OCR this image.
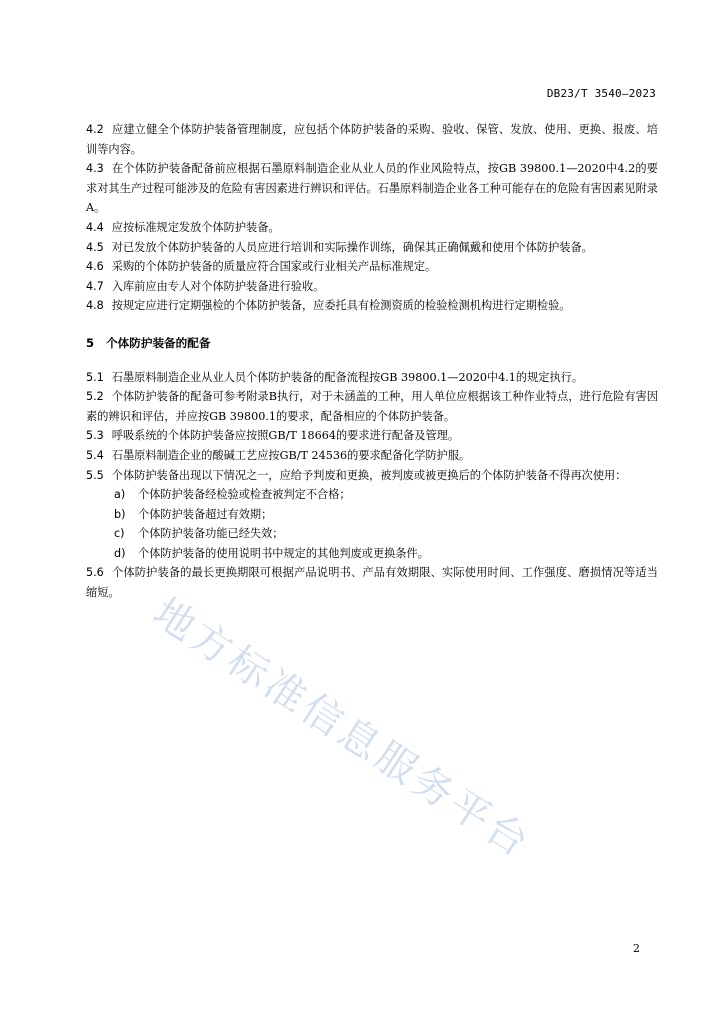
DB23/T 3540—2023

4.2 应建立健全个体防护装备管理制度，应包括个体防护装备的采购、验收、保管、发放、使用、更换、报废、培训等内容。

4.3 在个体防护装备配备前应根据石墨原料制造企业从业人员的作业风险特点，按GB 39800.1—2020中4.2的要求对其生产过程可能涉及的危险有害因素进行辨识和评估。石墨原料制造企业各工种可能存在的危险有害因素见附录A。

4.4 应按标准规定发放个体防护装备。

4.5 对已发放个体防护装备的人员应进行培训和实际操作训练，确保其正确佩戴和使用个体防护装备。

4.6 采购的个体防护装备的质量应符合国家或行业相关产品标准规定。

4.7 入库前应由专人对个体防护装备进行验收。

4.8 按规定应进行定期强检的个体防护装备，应委托具有检测资质的检验检测机构进行定期检验。

5 个体防护装备的配备

5.1 石墨原料制造企业从业人员个体防护装备的配备流程按GB 39800.1—2020中4.1的规定执行。

5.2 个体防护装备的配备可参考附录B执行，对于未涵盖的工种，用人单位应根据该工种作业特点，进行危险有害因素的辨识和评估，并应按GB 39800.1的要求，配备相应的个体防护装备。

5.3 呼吸系统的个体防护装备应按照GB/T 18664的要求进行配备及管理。

5.4 石墨原料制造企业的酸碱工艺应按GB/T 24536的要求配备化学防护服。

5.5 个体防护装备出现以下情况之一，应给予判废和更换，被判废或被更换后的个体防护装备不得再次使用：

a) 个体防护装备经检验或检查被判定不合格；

b) 个体防护装备超过有效期；

c) 个体防护装备功能已经失效；

d) 个体防护装备的使用说明书中规定的其他判废或更换条件。

5.6 个体防护装备的最长更换期限可根据产品说明书、产品有效期限、实际使用时间、工作强度、磨损情况等适当缩短。 地方标准信息服务平台
2
